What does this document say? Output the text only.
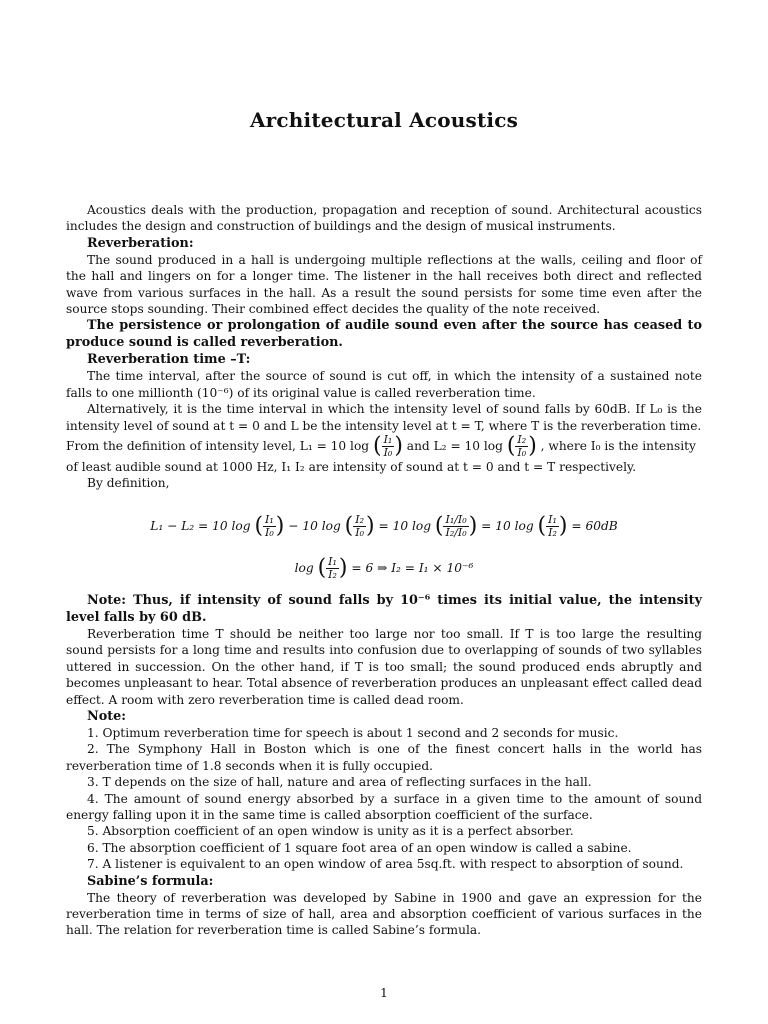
Architectural Acoustics

Acoustics deals with the production, propagation and reception of sound. Architectural acoustics includes the design and construction of buildings and the design of musical instruments.

Reverberation:

The sound produced in a hall is undergoing multiple reflections at the walls, ceiling and floor of the hall and lingers on for a longer time. The listener in the hall receives both direct and reflected wave from various surfaces in the hall. As a result the sound persists for some time even after the source stops sounding. Their combined effect decides the quality of the note received.

The persistence or prolongation of audile sound even after the source has ceased to produce sound is called reverberation.

Reverberation time –T:

The time interval, after the source of sound is cut off, in which the intensity of a sustained note falls to one millionth (10⁻⁶) of its original value is called reverberation time.

Alternatively, it is the time interval in which the intensity level of sound falls by 60dB. If L₀ is the intensity level of sound at t = 0 and L be the intensity level at t = T, where T is the reverberation time.

From the definition of intensity level, L₁ = 10 log ( $\frac{\text{I₁}}{\text{I₀}}$ ) and L₂ = 10 log ( $\frac{\text{I₂}}{\text{I₀}}$ ) , where I₀ is the intensity

of least audible sound at 1000 Hz, I₁ I₂ are intensity of sound at t = 0 and t = T respectively.

By definition,

L₁ − L₂ = 10 log ( $\frac{\text{I₁}}{\text{I₀}}$ ) − 10 log ( $\frac{\text{I₂}}{\text{I₀}}$ ) = 10 log ( $\frac{\text{I₁/I₀}}{\text{I₂/I₀}}$ ) = 10 log ( $\frac{\text{I₁}}{\text{I₂}}$ ) = 60dB
log ( $\frac{\text{I₁}}{\text{I₂}}$ ) = 6 ⇒ I₂ = I₁ × 10⁻⁶

Note: Thus, if intensity of sound falls by 10⁻⁶ times its initial value, the intensity level falls by 60 dB.

Reverberation time T should be neither too large nor too small. If T is too large the resulting sound persists for a long time and results into confusion due to overlapping of sounds of two syllables uttered in succession. On the other hand, if T is too small; the sound produced ends abruptly and becomes unpleasant to hear. Total absence of reverberation produces an unpleasant effect called dead effect. A room with zero reverberation time is called dead room.

Note:

1. Optimum reverberation time for speech is about 1 second and 2 seconds for music.

2. The Symphony Hall in Boston which is one of the finest concert halls in the world has reverberation time of 1.8 seconds when it is fully occupied.

3. T depends on the size of hall, nature and area of reflecting surfaces in the hall.

4. The amount of sound energy absorbed by a surface in a given time to the amount of sound energy falling upon it in the same time is called absorption coefficient of the surface.

5. Absorption coefficient of an open window is unity as it is a perfect absorber.

6. The absorption coefficient of 1 square foot area of an open window is called a sabine.

7. A listener is equivalent to an open window of area 5sq.ft. with respect to absorption of sound.

Sabine’s formula:

The theory of reverberation was developed by Sabine in 1900 and gave an expression for the reverberation time in terms of size of hall, area and absorption coefficient of various surfaces in the hall. The relation for reverberation time is called Sabine’s formula.

1
